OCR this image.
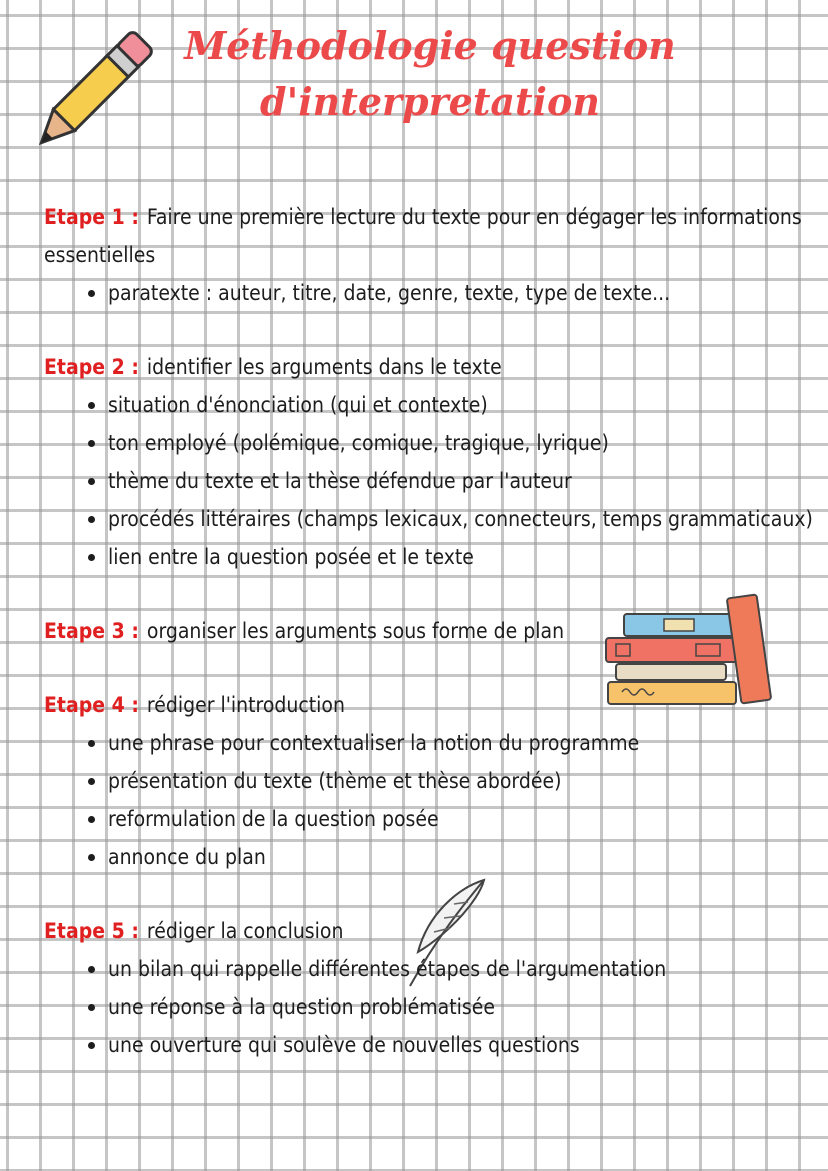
Méthodologie question
d'interpretation
Etape 1 : Faire une première lecture du texte pour en dégager les informations essentielles
paratexte : auteur, titre, date, genre, texte, type de texte...
Etape 2 : identifier les arguments dans le texte
situation d'énonciation (qui et contexte)
ton employé (polémique, comique, tragique, lyrique)
thème du texte et la thèse défendue par l'auteur
procédés littéraires (champs lexicaux, connecteurs, temps grammaticaux)
lien entre la question posée et le texte
Etape 3 : organiser les arguments sous forme de plan
Etape 4 : rédiger l'introduction
une phrase pour contextualiser la notion du programme
présentation du texte (thème et thèse abordée)
reformulation de la question posée
annonce du plan
Etape 5 : rédiger la conclusion
un bilan qui rappelle différentes étapes de l'argumentation
une réponse à la question problématisée
une ouverture qui soulève de nouvelles questions
